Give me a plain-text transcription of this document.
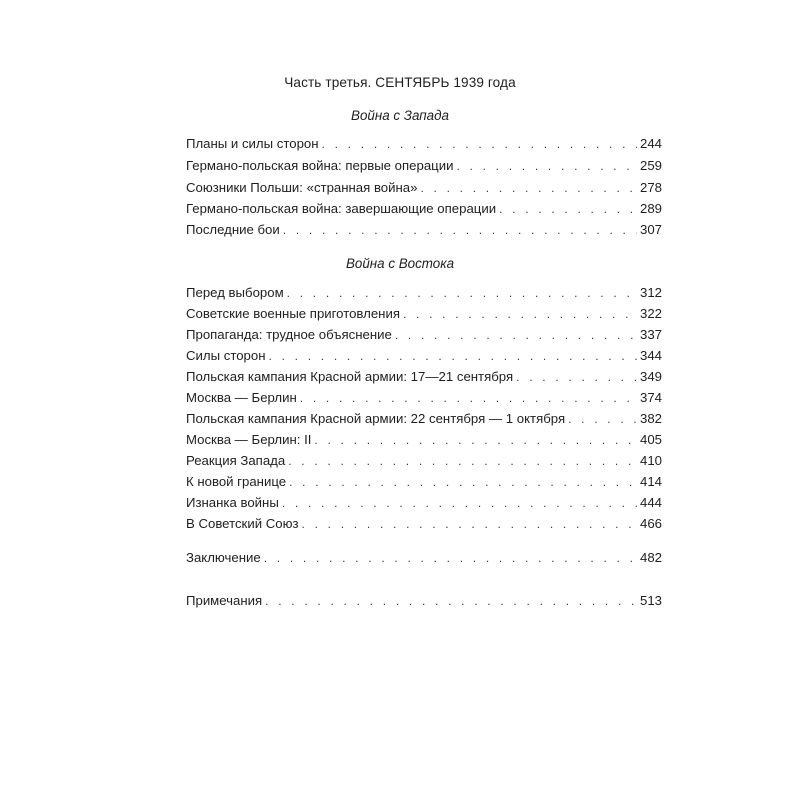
Часть третья. СЕНТЯБРЬ 1939 года
Война с Запада
Планы и силы сторон . . .	244
Германо-польская война: первые операции . . .	259
Союзники Польши: «странная война» . . .	278
Германо-польская война: завершающие операции . . .	289
Последние бои . . .	307
Война с Востока
Перед выбором . . .	312
Советские военные приготовления . . .	322
Пропаганда: трудное объяснение . . .	337
Силы сторон . . .	344
Польская кампания Красной армии: 17—21 сентября . . .	349
Москва — Берлин . . .	374
Польская кампания Красной армии: 22 сентября — 1 октября . . .	382
Москва — Берлин: II . . .	405
Реакция Запада . . .	410
К новой границе . . .	414
Изнанка войны . . .	444
В Советский Союз . . .	466
Заключение . . .	482
Примечания . . .	513
